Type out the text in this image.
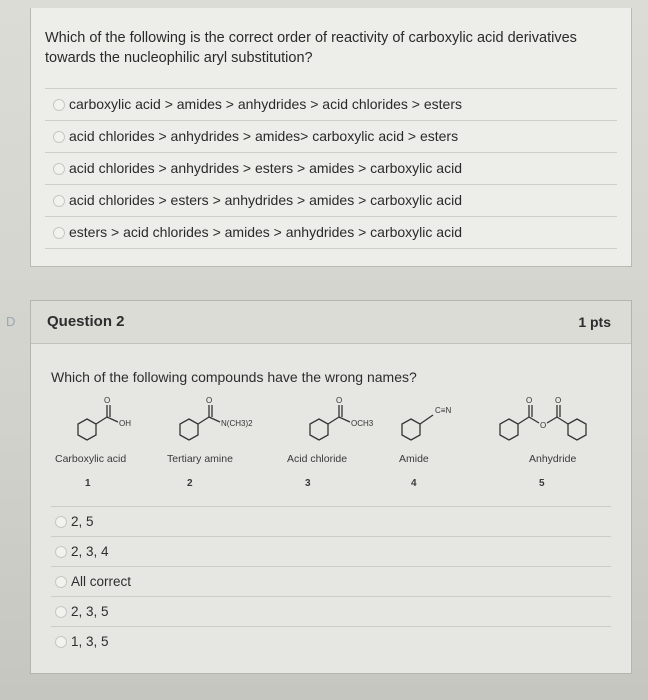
Which of the following is the correct order of reactivity of carboxylic acid derivatives towards the nucleophilic aryl substitution?
carboxylic acid > amides > anhydrides > acid chlorides > esters
acid chlorides > anhydrides > amides> carboxylic acid > esters
acid chlorides > anhydrides > esters > amides > carboxylic acid
acid chlorides > esters > anhydrides > amides > carboxylic acid
esters > acid chlorides > amides > anhydrides > carboxylic acid
D Question 2	1 pts
Which of the following compounds have the wrong names?
O
OH
O
N(CH3)2
O
OCH3
C≡N
O	O
O
Carboxylic acid	Tertiary amine	Acid chloride	Amide	Anhydride
1	2	3	4	5
2, 5
2, 3, 4
All correct
2, 3, 5
1, 3, 5
